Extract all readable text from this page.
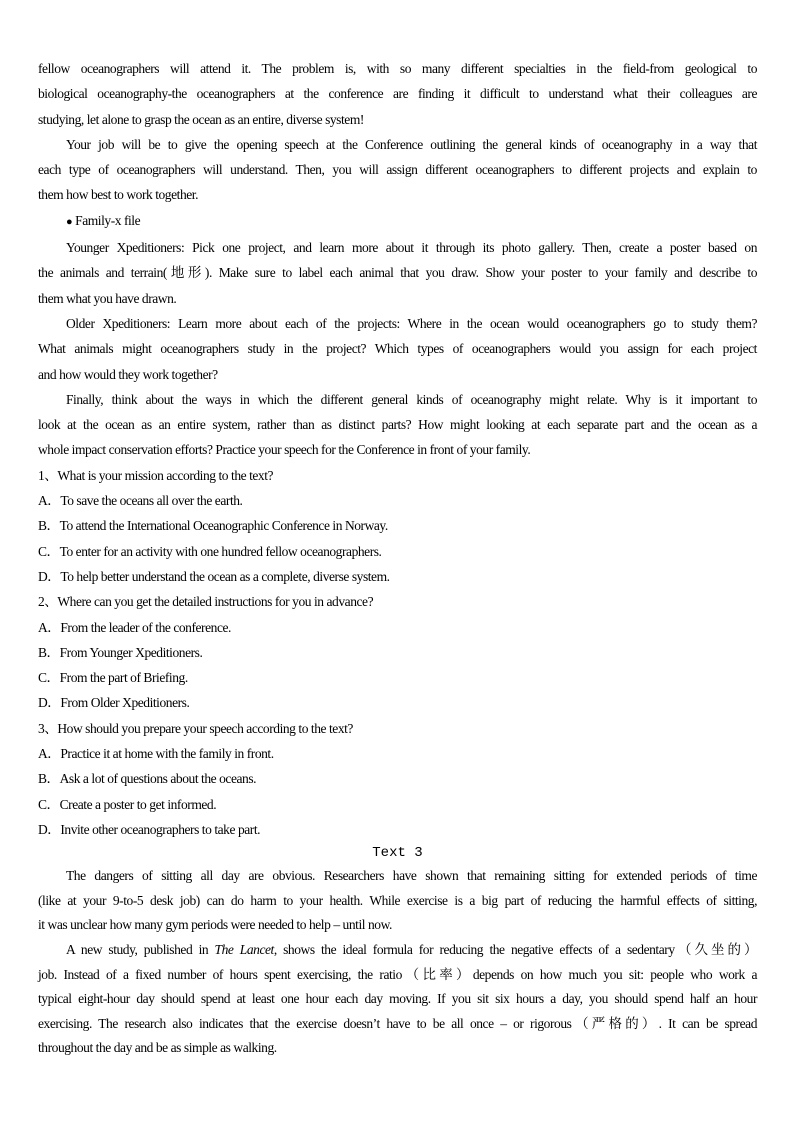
fellow oceanographers will attend it. The problem is, with so many different specialties in the field-from geological to
biological oceanography-the oceanographers at the conference are finding it difficult to understand what their colleagues are
studying, let alone to grasp the ocean as an entire, diverse system!
Your job will be to give the opening speech at the Conference outlining the general kinds of oceanography in a way that
each type of oceanographers will understand. Then, you will assign different oceanographers to different projects and explain to
them how best to work together.
● Family-x file
Younger Xpeditioners: Pick one project, and learn more about it through its photo gallery. Then, create a poster based on
the animals and terrain(地形). Make sure to label each animal that you draw. Show your poster to your family and describe to
them what you have drawn.
Older Xpeditioners: Learn more about each of the projects: Where in the ocean would oceanographers go to study them?
What animals might oceanographers study in the project? Which types of oceanographers would you assign for each project
and how would they work together?
Finally, think about the ways in which the different general kinds of oceanography might relate. Why is it important to
look at the ocean as an entire system, rather than as distinct parts? How might looking at each separate part and the ocean as a
whole impact conservation efforts? Practice your speech for the Conference in front of your family.
1、What is your mission according to the text?
A．To save the oceans all over the earth.
B．To attend the International Oceanographic Conference in Norway.
C．To enter for an activity with one hundred fellow oceanographers.
D．To help better understand the ocean as a complete, diverse system.
2、Where can you get the detailed instructions for you in advance?
A．From the leader of the conference.
B．From Younger Xpeditioners.
C．From the part of Briefing.
D．From Older Xpeditioners.
3、How should you prepare your speech according to the text?
A．Practice it at home with the family in front.
B．Ask a lot of questions about the oceans.
C．Create a poster to get informed.
D．Invite other oceanographers to take part.
Text 3
The dangers of sitting all day are obvious. Researchers have shown that remaining sitting for extended periods of time
(like at your 9-to-5 desk job) can do harm to your health. While exercise is a big part of reducing the harmful effects of sitting,
it was unclear how many gym periods were needed to help – until now.
A new study, published in The Lancet, shows the ideal formula for reducing the negative effects of a sedentary（久坐的）
job. Instead of a fixed number of hours spent exercising, the ratio（比率）depends on how much you sit: people who work a
typical eight-hour day should spend at least one hour each day moving. If you sit six hours a day, you should spend half an hour
exercising. The research also indicates that the exercise doesn’t have to be all once – or rigorous（严格的）. It can be spread
throughout the day and be as simple as walking.
